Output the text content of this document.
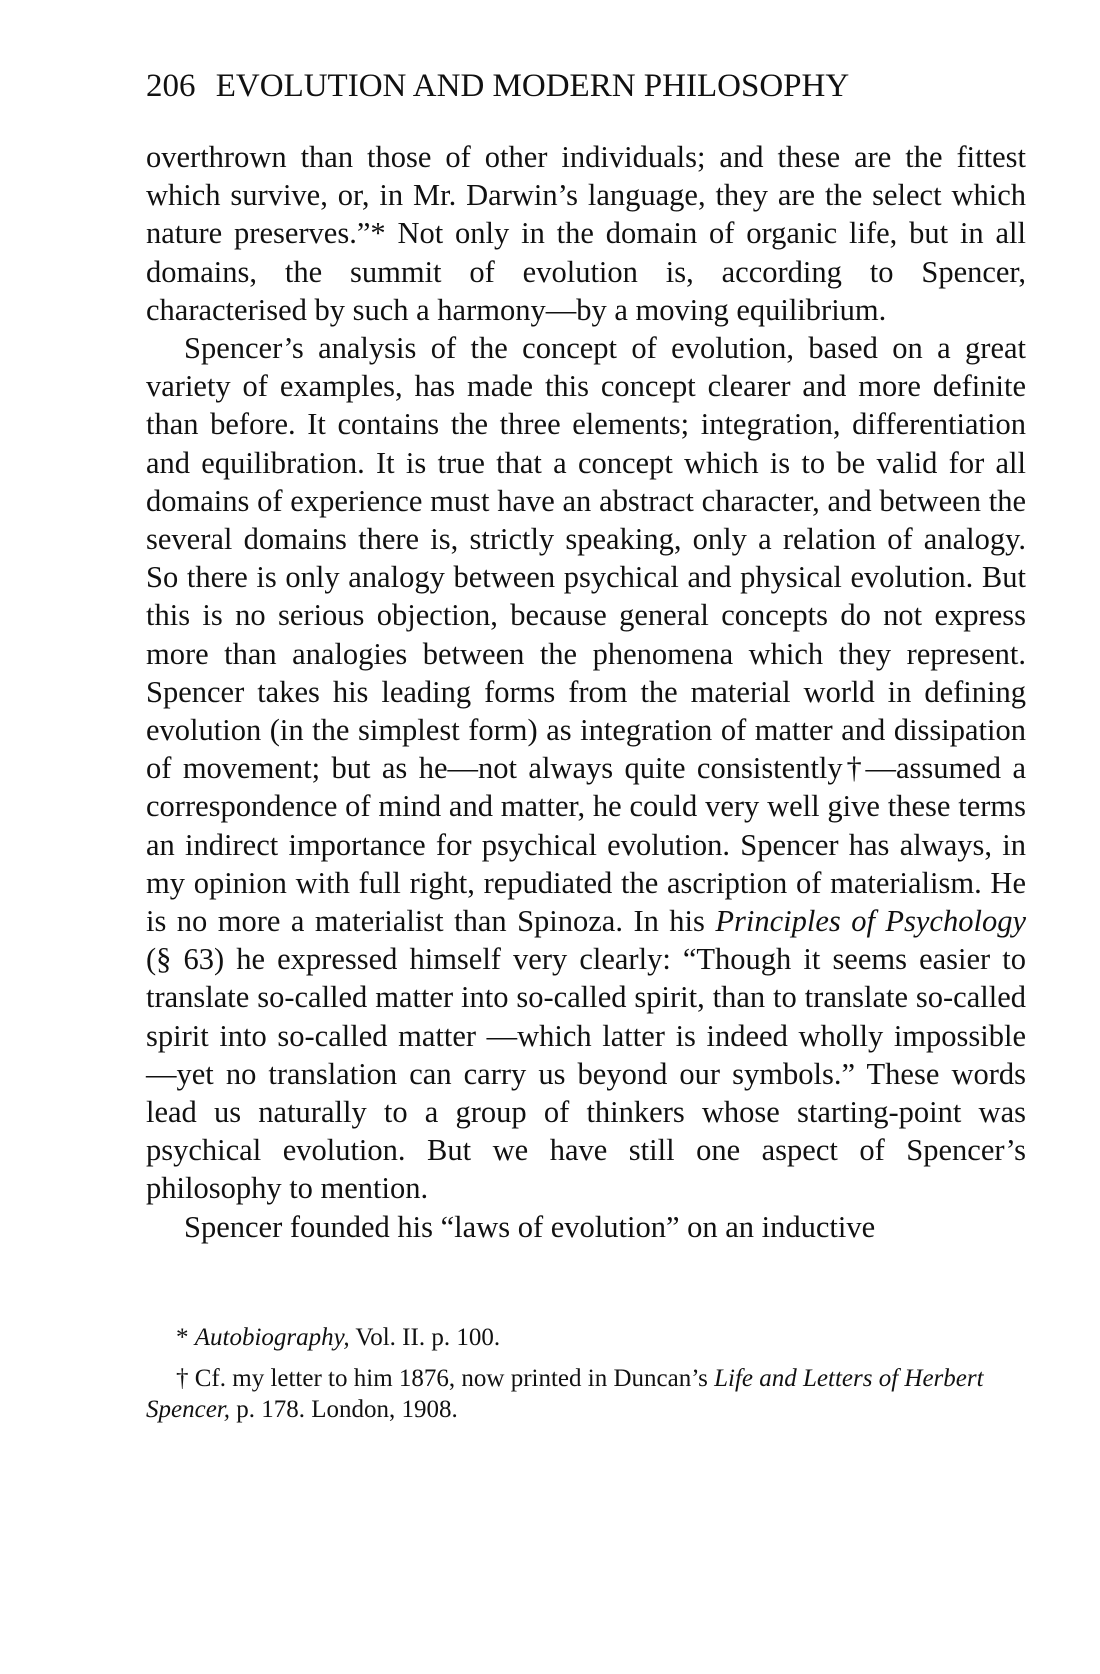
206 EVOLUTION AND MODERN PHILOSOPHY

overthrown than those of other individuals; and these are the fittest which survive, or, in Mr. Darwin’s language, they are the select which nature preserves.”* Not only in the domain of organic life, but in all domains, the summit of evolution is, according to Spencer, characterised by such a harmony—by a moving equilibrium.

Spencer’s analysis of the concept of evolution, based on a great variety of examples, has made this concept clearer and more definite than before. It contains the three elements; integration, differentiation and equilibration. It is true that a concept which is to be valid for all domains of experience must have an abstract character, and between the several domains there is, strictly speaking, only a relation of analogy. So there is only analogy between psychical and physical evolution. But this is no serious objection, because general concepts do not express more than analogies between the phenomena which they represent. Spencer takes his leading forms from the material world in defining evolution (in the simplest form) as integration of matter and dissipation of movement; but as he—not always quite consistently†—assumed a correspondence of mind and matter, he could very well give these terms an indirect importance for psychical evolution. Spencer has always, in my opinion with full right, repudiated the ascription of materialism. He is no more a materialist than Spinoza. In his Principles of Psychology (§ 63) he expressed himself very clearly: “Though it seems easier to translate so-called matter into so-called spirit, than to translate so-called spirit into so-called matter —which latter is indeed wholly impossible—yet no translation can carry us beyond our symbols.” These words lead us naturally to a group of thinkers whose starting-point was psychical evolution. But we have still one aspect of Spencer’s philosophy to mention.

Spencer founded his “laws of evolution” on an inductive

* Autobiography, Vol. II. p. 100.

† Cf. my letter to him 1876, now printed in Duncan’s Life and Letters of Herbert Spencer, p. 178. London, 1908.
